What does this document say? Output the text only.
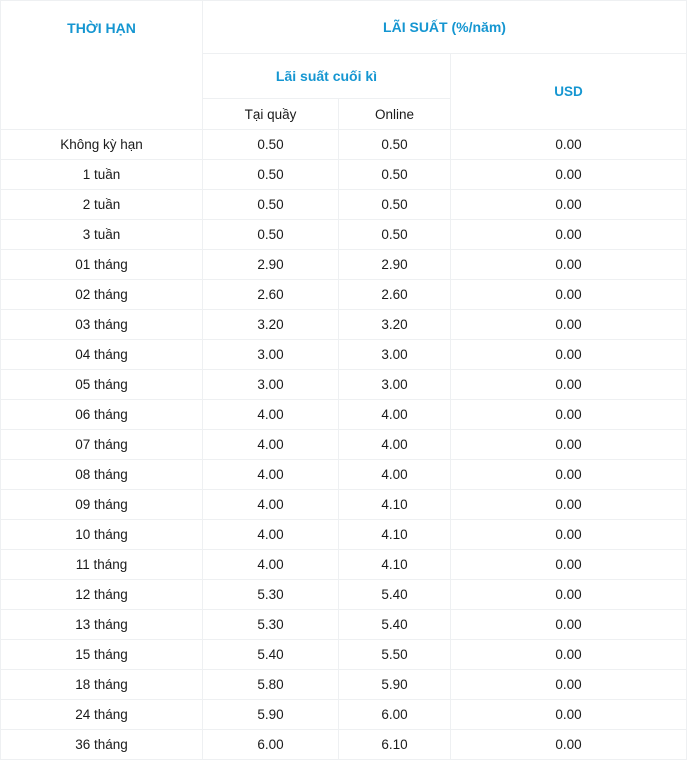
THỜI HẠN	LÃI SUẤT (%/năm)		
	Lãi suất cuối kì		USD
	Tại quầy	Online	
Không kỳ hạn	0.50	0.50	0.00
1 tuần	0.50	0.50	0.00
2 tuần	0.50	0.50	0.00
3 tuần	0.50	0.50	0.00
01 tháng	2.90	2.90	0.00
02 tháng	2.60	2.60	0.00
03 tháng	3.20	3.20	0.00
04 tháng	3.00	3.00	0.00
05 tháng	3.00	3.00	0.00
06 tháng	4.00	4.00	0.00
07 tháng	4.00	4.00	0.00
08 tháng	4.00	4.00	0.00
09 tháng	4.00	4.10	0.00
10 tháng	4.00	4.10	0.00
11 tháng	4.00	4.10	0.00
12 tháng	5.30	5.40	0.00
13 tháng	5.30	5.40	0.00
15 tháng	5.40	5.50	0.00
18 tháng	5.80	5.90	0.00
24 tháng	5.90	6.00	0.00
36 tháng	6.00	6.10	0.00
